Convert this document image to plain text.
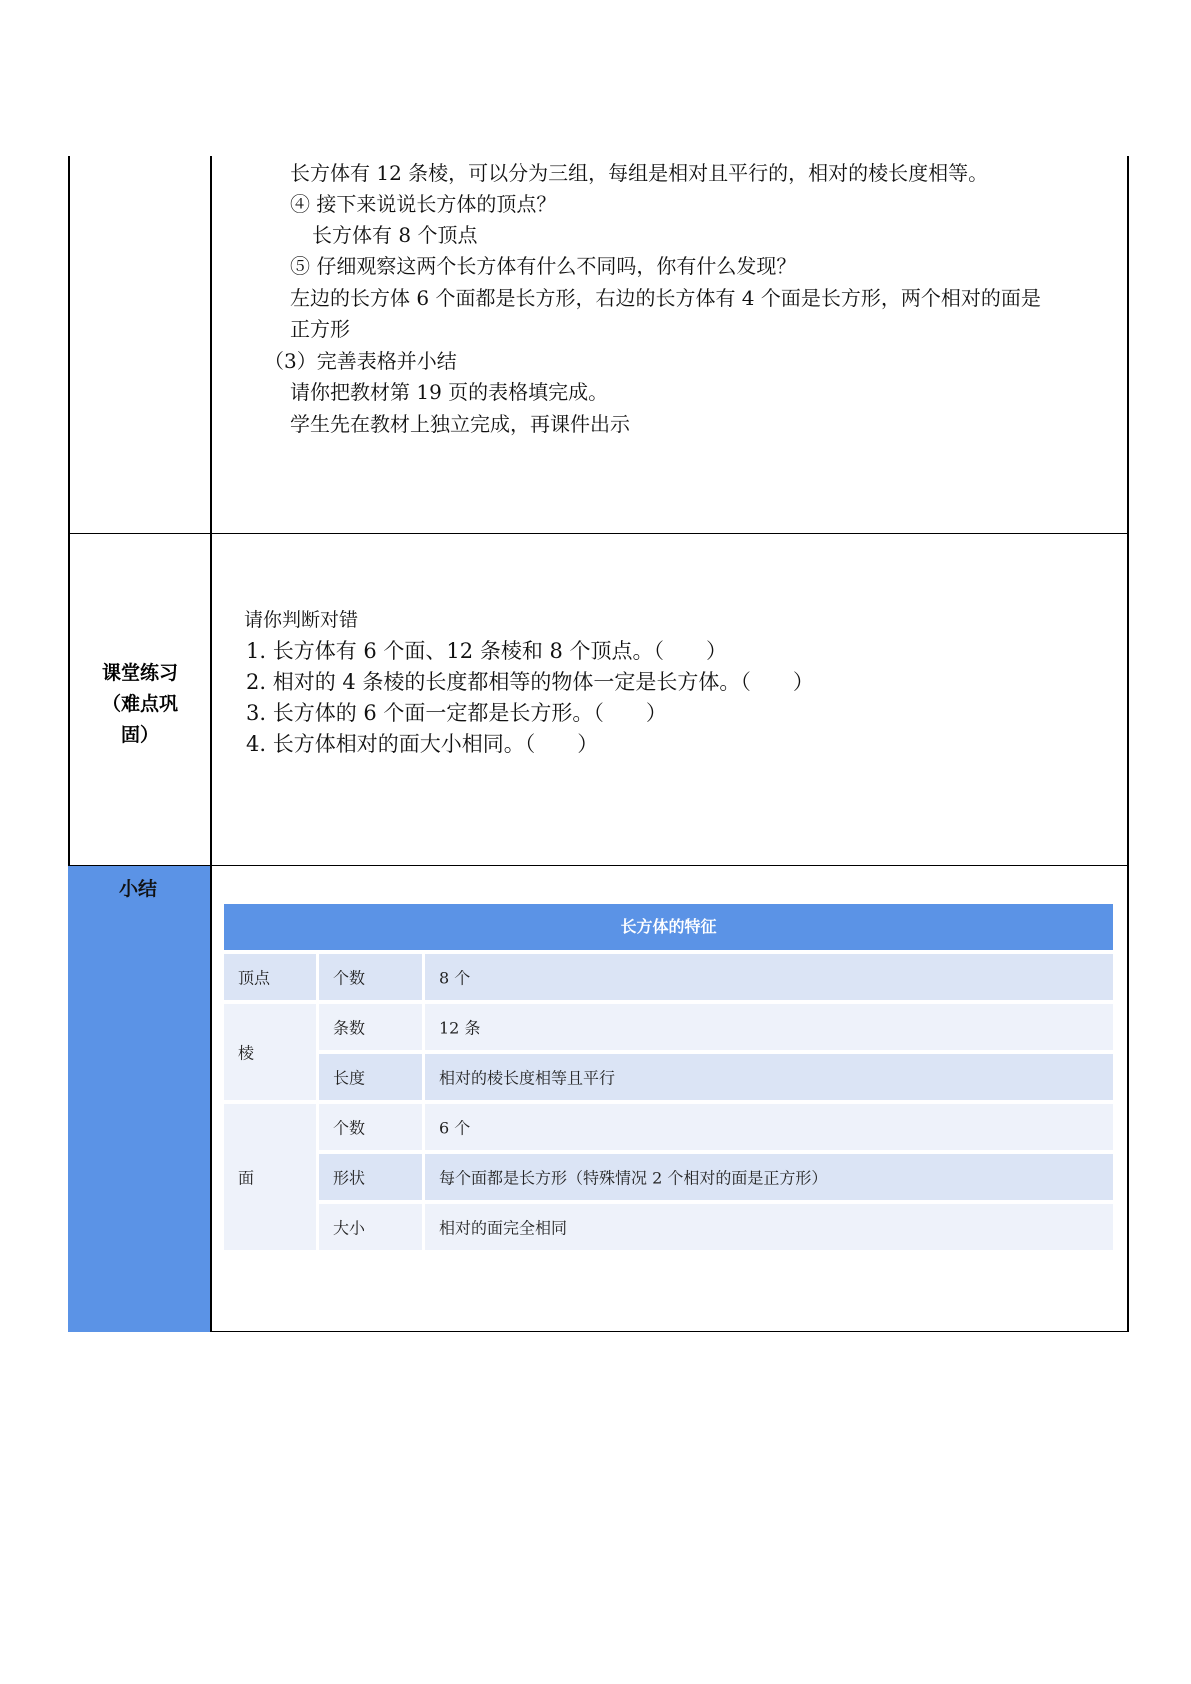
课堂练习
（难点巩
固）
小结
长方体有 12 条棱，可以分为三组，每组是相对且平行的，相对的棱长度相等。
④ 接下来说说长方体的顶点？
长方体有 8 个顶点
⑤ 仔细观察这两个长方体有什么不同吗，你有什么发现？
左边的长方体 6 个面都是长方形，右边的长方体有 4 个面是长方形，两个相对的面是
正方形
（3）完善表格并小结
请你把教材第 19 页的表格填完成。
学生先在教材上独立完成，再课件出示
请你判断对错
1. 长方体有 6 个面、12 条棱和 8 个顶点。（　　）
2. 相对的 4 条棱的长度都相等的物体一定是长方体。（　　）
3. 长方体的 6 个面一定都是长方形。（　　）
4. 长方体相对的面大小相同。（　　）
长方体的特征
顶点	个数	8 个
棱
条数	12 条
长度	相对的棱长度相等且平行
面
个数	6 个
形状	每个面都是长方形（特殊情况 2 个相对的面是正方形）
大小	相对的面完全相同
